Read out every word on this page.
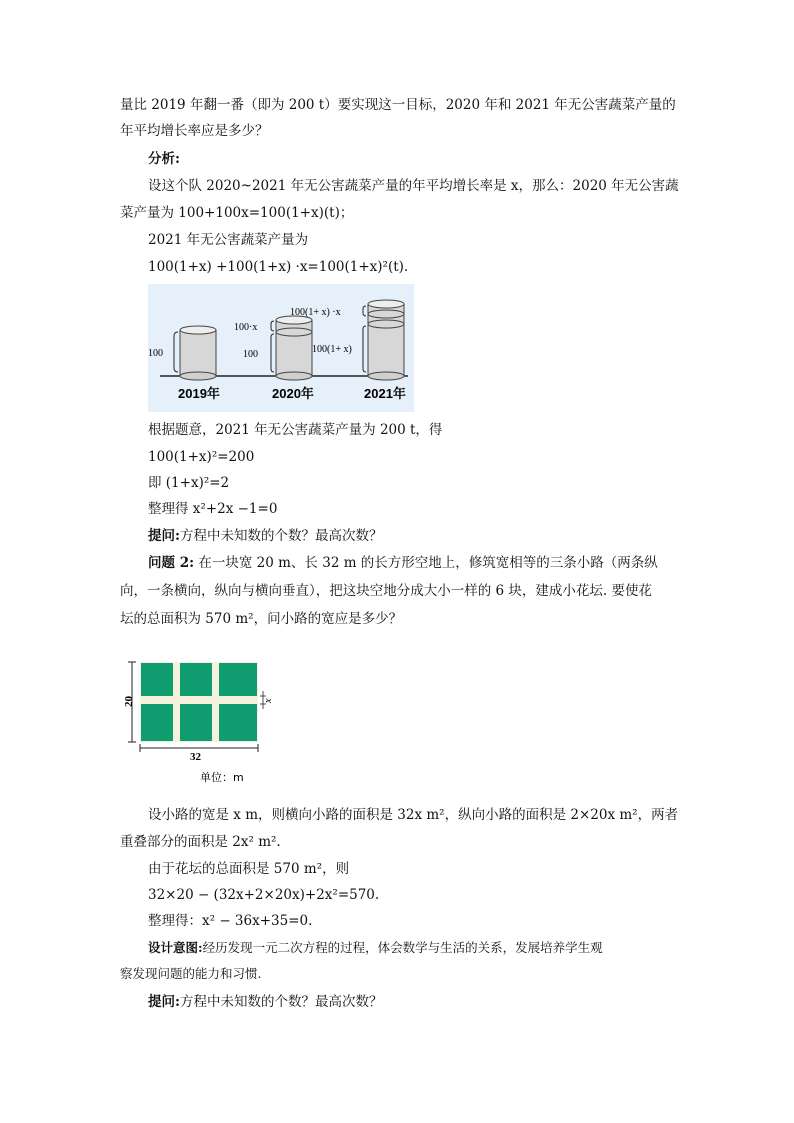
量比 2019 年翻一番（即为 200 t）要实现这一目标，2020 年和 2021 年无公害蔬菜产量的
年平均增长率应是多少？
分析:
设这个队 2020~2021 年无公害蔬菜产量的年平均增长率是 x，那么：2020 年无公害蔬
菜产量为 100+100x=100(1+x)(t)；
2021 年无公害蔬菜产量为
100(1+x) +100(1+x) ·x=100(1+x)²(t).
100
100·x
100
100(1+ x) ·x
100(1+ x)
2019年	2020年	2021年
根据题意，2021 年无公害蔬菜产量为 200 t，得
100(1+x)²=200
即 (1+x)²=2
整理得 x²+2x −1=0
提问:方程中未知数的个数？最高次数？
问题 2: 在一块宽 20 m、长 32 m 的长方形空地上，修筑宽相等的三条小路（两条纵
向，一条横向，纵向与横向垂直），把这块空地分成大小一样的 6 块，建成小花坛. 要使花
坛的总面积为 570 m²，问小路的宽应是多少？
20
32
x
单位：m
设小路的宽是 x m，则横向小路的面积是 32x m²，纵向小路的面积是 2×20x m²，两者
重叠部分的面积是 2x² m².
由于花坛的总面积是 570 m²，则
32×20 − (32x+2×20x)+2x²=570.
整理得：x² − 36x+35=0.
设计意图:经历发现一元二次方程的过程，体会数学与生活的关系，发展培养学生观
察发现问题的能力和习惯.
提问:方程中未知数的个数？最高次数？
